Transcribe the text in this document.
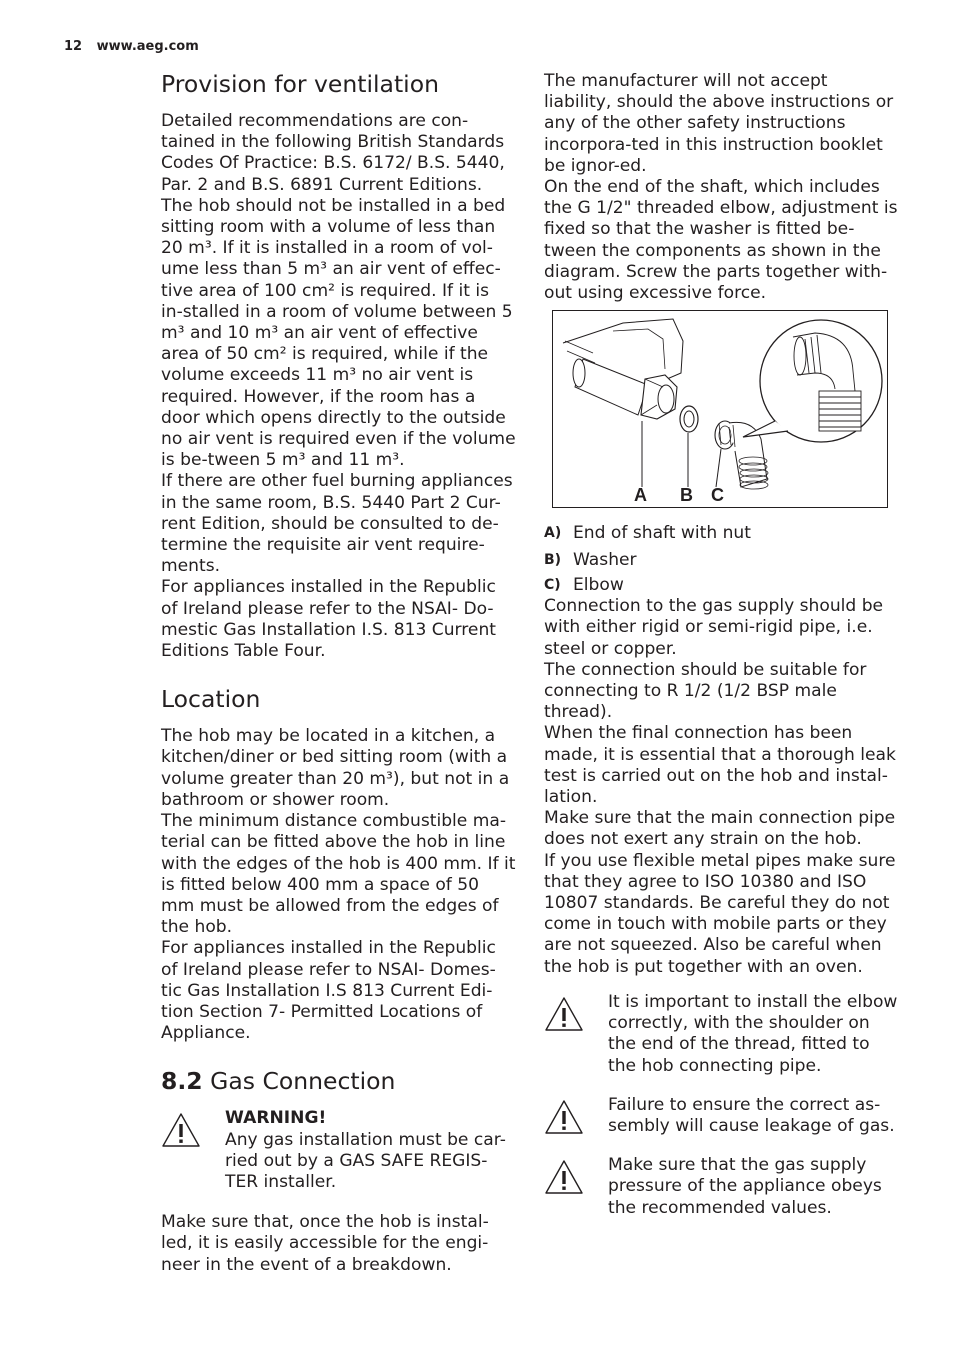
12 www.aeg.com
Provision for ventilation

Detailed recommendations are con-tained in the following British Standards Codes Of Practice: B.S. 6172/ B.S. 5440, Par. 2 and B.S. 6891 Current Editions. The hob should not be installed in a bed sitting room with a volume of less than 20 m³. If it is installed in a room of vol-ume less than 5 m³ an air vent of effec-tive area of 100 cm² is required. If it is in-stalled in a room of volume between 5 m³ and 10 m³ an air vent of effective area of 50 cm² is required, while if the volume exceeds 11 m³ no air vent is required. However, if the room has a door which opens directly to the outside no air vent is required even if the volume is be-tween 5 m³ and 11 m³.

If there are other fuel burning appliances in the same room, B.S. 5440 Part 2 Cur-rent Edition, should be consulted to de-termine the requisite air vent require-ments.

For appliances installed in the Republic of Ireland please refer to the NSAI- Do-mestic Gas Installation I.S. 813 Current Editions Table Four.

Location

The hob may be located in a kitchen, a kitchen/diner or bed sitting room (with a volume greater than 20 m³), but not in a bathroom or shower room.

The minimum distance combustible ma-terial can be fitted above the hob in line with the edges of the hob is 400 mm. If it is fitted below 400 mm a space of 50 mm must be allowed from the edges of the hob.

For appliances installed in the Republic of Ireland please refer to NSAI- Domes-tic Gas Installation I.S 813 Current Edi-tion Section 7- Permitted Locations of Appliance.

8.2 Gas Connection

WARNING!

Any gas installation must be car-ried out by a GAS SAFE REGIS-TER installer.

Make sure that, once the hob is instal-led, it is easily accessible for the engi-neer in the event of a breakdown.

The manufacturer will not accept liability, should the above instructions or any of the other safety instructions incorpora-ted in this instruction booklet be ignor-ed.

On the end of the shaft, which includes the G 1/2" threaded elbow, adjustment is fixed so that the washer is fitted be-tween the components as shown in the diagram. Screw the parts together with-out using excessive force.

A B C
A) End of shaft with nut
B) Washer
C) Elbow

Connection to the gas supply should be with either rigid or semi-rigid pipe, i.e. steel or copper.

The connection should be suitable for connecting to R 1/2 (1/2 BSP male thread).

When the final connection has been made, it is essential that a thorough leak test is carried out on the hob and instal-lation.

Make sure that the main connection pipe does not exert any strain on the hob.

If you use flexible metal pipes make sure that they agree to ISO 10380 and ISO 10807 standards. Be careful they do not come in touch with mobile parts or they are not squeezed. Also be careful when the hob is put together with an oven.

It is important to install the elbow correctly, with the shoulder on the end of the thread, fitted to the hob connecting pipe.

Failure to ensure the correct as-sembly will cause leakage of gas.

Make sure that the gas supply pressure of the appliance obeys the recommended values.
